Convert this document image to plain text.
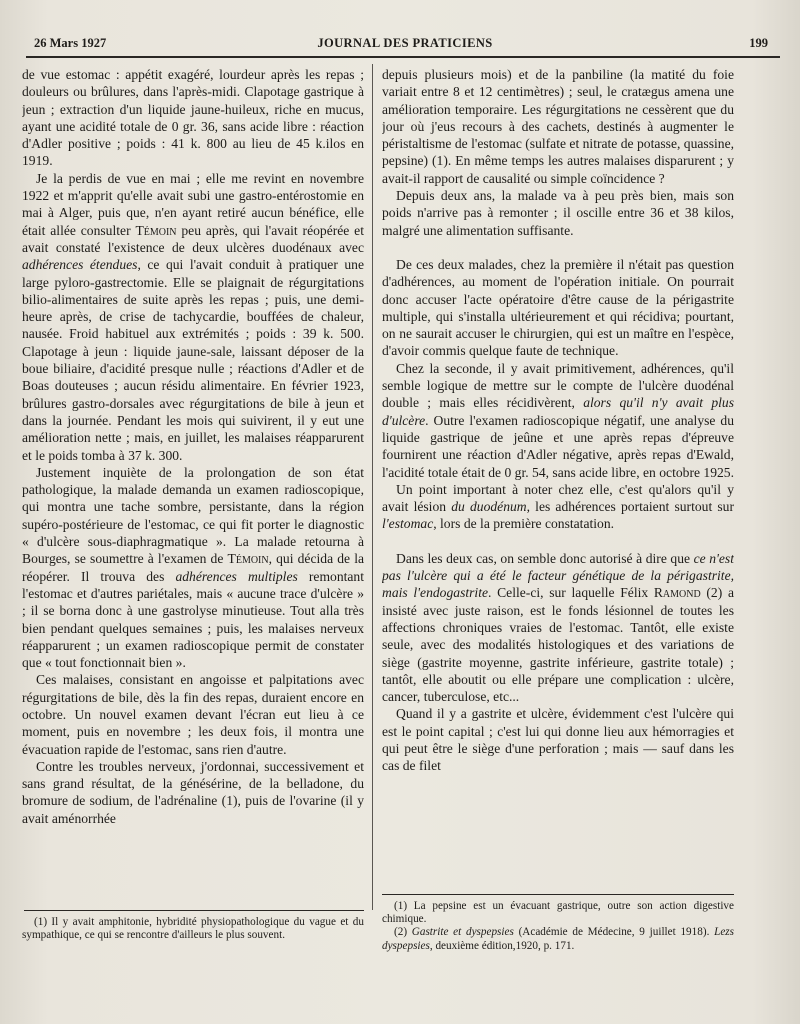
26 Mars 1927	JOURNAL DES PRATICIENS	199

de vue estomac : appétit exagéré, lourdeur après les repas ; douleurs ou brûlures, dans l'après-midi. Clapotage gastrique à jeun ; extraction d'un liquide jaune-huileux, riche en mucus, ayant une acidité totale de 0 gr. 36, sans acide libre : réaction d'Adler positive ; poids : 41 k. 800 au lieu de 45 k.ilos en 1919.

Je la perdis de vue en mai ; elle me revint en novembre 1922 et m'apprit qu'elle avait subi une gastro-entérostomie en mai à Alger, puis que, n'en ayant retiré aucun bénéfice, elle était allée consulter Témoin peu après, qui l'avait réopérée et avait constaté l'existence de deux ulcères duodénaux avec adhérences étendues, ce qui l'avait conduit à pratiquer une large pyloro-gastrectomie. Elle se plaignait de régurgitations bilio-alimentaires de suite après les repas ; puis, une demi-heure après, de crise de tachycardie, bouffées de chaleur, nausée. Froid habituel aux extrémités ; poids : 39 k. 500. Clapotage à jeun : liquide jaune-sale, laissant déposer de la boue biliaire, d'acidité presque nulle ; réactions d'Adler et de Boas douteuses ; aucun résidu alimentaire. En février 1923, brûlures gastro-dorsales avec régurgitations de bile à jeun et dans la journée. Pendant les mois qui suivirent, il y eut une amélioration nette ; mais, en juillet, les malaises réapparurent et le poids tomba à 37 k. 300.

Justement inquiète de la prolongation de son état pathologique, la malade demanda un examen radioscopique, qui montra une tache sombre, persistante, dans la région supéro-postérieure de l'estomac, ce qui fit porter le diagnostic « d'ulcère sous-diaphragmatique ». La malade retourna à Bourges, se soumettre à l'examen de Témoin, qui décida de la réopérer. Il trouva des adhérences multiples remontant l'estomac et d'autres pariétales, mais « aucune trace d'ulcère » ; il se borna donc à une gastrolyse minutieuse. Tout alla très bien pendant quelques semaines ; puis, les malaises nerveux réapparurent ; un examen radioscopique permit de constater que « tout fonctionnait bien ».

Ces malaises, consistant en angoisse et palpitations avec régurgitations de bile, dès la fin des repas, duraient encore en octobre. Un nouvel examen devant l'écran eut lieu à ce moment, puis en novembre ; les deux fois, il montra une évacuation rapide de l'estomac, sans rien d'autre.

Contre les troubles nerveux, j'ordonnai, successivement et sans grand résultat, de la génésérine, de la belladone, du bromure de sodium, de l'adrénaline (1), puis de l'ovarine (il y avait aménorrhée

depuis plusieurs mois) et de la panbiline (la matité du foie variait entre 8 et 12 centimètres) ; seul, le cratægus amena une amélioration temporaire. Les régurgitations ne cessèrent que du jour où j'eus recours à des cachets, destinés à augmenter le péristaltisme de l'estomac (sulfate et nitrate de potasse, quassine, pepsine) (1). En même temps les autres malaises disparurent ; y avait-il rapport de causalité ou simple coïncidence ?

Depuis deux ans, la malade va à peu près bien, mais son poids n'arrive pas à remonter ; il oscille entre 36 et 38 kilos, malgré une alimentation suffisante.

De ces deux malades, chez la première il n'était pas question d'adhérences, au moment de l'opération initiale. On pourrait donc accuser l'acte opératoire d'être cause de la périgastrite multiple, qui s'installa ultérieurement et qui récidiva; pourtant, on ne saurait accuser le chirurgien, qui est un maître en l'espèce, d'avoir commis quelque faute de technique.

Chez la seconde, il y avait primitivement, adhérences, qu'il semble logique de mettre sur le compte de l'ulcère duodénal double ; mais elles récidivèrent, alors qu'il n'y avait plus d'ulcère. Outre l'examen radioscopique négatif, une analyse du liquide gastrique de jeûne et une après repas d'épreuve fournirent une réaction d'Adler négative, après repas d'Ewald, l'acidité totale était de 0 gr. 54, sans acide libre, en octobre 1925.

Un point important à noter chez elle, c'est qu'alors qu'il y avait lésion du duodénum, les adhérences portaient surtout sur l'estomac, lors de la première constatation.

Dans les deux cas, on semble donc autorisé à dire que ce n'est pas l'ulcère qui a été le facteur génétique de la périgastrite, mais l'endogastrite. Celle-ci, sur laquelle Félix Ramond (2) a insisté avec juste raison, est le fonds lésionnel de toutes les affections chroniques vraies de l'estomac. Tantôt, elle existe seule, avec des modalités histologiques et des variations de siège (gastrite moyenne, gastrite inférieure, gastrite totale) ; tantôt, elle aboutit ou elle prépare une complication : ulcère, cancer, tuberculose, etc...

Quand il y a gastrite et ulcère, évidemment c'est l'ulcère qui est le point capital ; c'est lui qui donne lieu aux hémorragies et qui peut être le siège d'une perforation ; mais — sauf dans les cas de filet

(1) Il y avait amphitonie, hybridité physiopathologique du vague et du sympathique, ce qui se rencontre d'ailleurs le plus souvent.

(1) La pepsine est un évacuant gastrique, outre son action digestive chimique.

(2) Gastrite et dyspepsies (Académie de Médecine, 9 juillet 1918). Lezs dyspepsies, deuxième édition,1920, p. 171.
